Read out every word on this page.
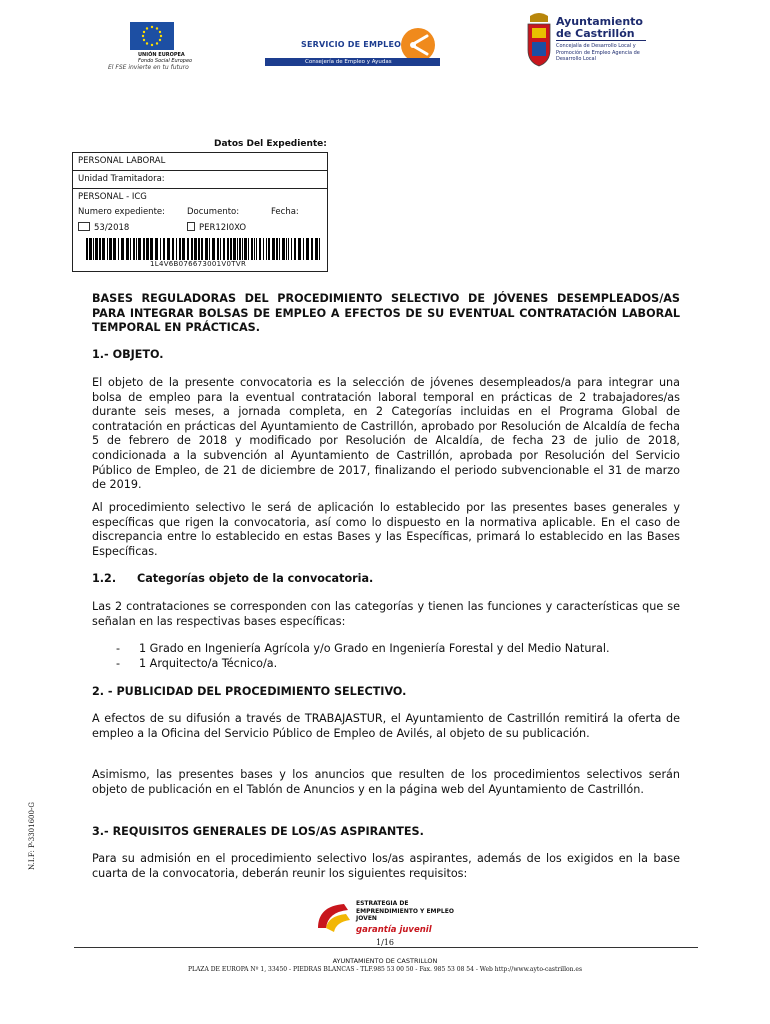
UNIÓN EUROPEA
Fondo Social Europeo
El FSE invierte en tu futuro
SERVICIO DE EMPLEO
Consejería de Empleo y Ayudas
Ayuntamiento
de Castrillón
Concejalía de Desarrollo Local y Promoción de Empleo Agencia de Desarrollo Local
Datos Del Expediente:
PERSONAL LABORAL
Unidad Tramitadora:
PERSONAL - ICG
Numero expediente:	Documento:	Fecha:
53/2018	PER12I0XO
1L4V6B076673001V0TVR
BASES REGULADORAS DEL PROCEDIMIENTO SELECTIVO DE JÓVENES DESEMPLEADOS/AS PARA INTEGRAR BOLSAS DE EMPLEO A EFECTOS DE SU EVENTUAL CONTRATACIÓN LABORAL TEMPORAL EN PRÁCTICAS.
1.- OBJETO.
El objeto de la presente convocatoria es la selección de jóvenes desempleados/a para integrar una bolsa de empleo para la eventual contratación laboral temporal en prácticas de 2 trabajadores/as durante seis meses, a jornada completa, en 2 Categorías incluidas en el Programa Global de contratación en prácticas del Ayuntamiento de Castrillón, aprobado por Resolución de Alcaldía de fecha 5 de febrero de 2018 y modificado por Resolución de Alcaldía, de fecha 23 de julio de 2018, condicionada a la subvención al Ayuntamiento de Castrillón, aprobada por Resolución del Servicio Público de Empleo, de 21 de diciembre de 2017, finalizando el periodo subvencionable el 31 de marzo de 2019.
Al procedimiento selectivo le será de aplicación lo establecido por las presentes bases generales y específicas que rigen la convocatoria, así como lo dispuesto en la normativa aplicable. En el caso de discrepancia entre lo establecido en estas Bases y las Específicas, primará lo establecido en las Bases Específicas.
1.2. Categorías objeto de la convocatoria.
Las 2 contrataciones se corresponden con las categorías y tienen las funciones y características que se señalan en las respectivas bases específicas:
- 1 Grado en Ingeniería Agrícola y/o Grado en Ingeniería Forestal y del Medio Natural.
- 1 Arquitecto/a Técnico/a.
2. - PUBLICIDAD DEL PROCEDIMIENTO SELECTIVO.
A efectos de su difusión a través de TRABAJASTUR, el Ayuntamiento de Castrillón remitirá la oferta de empleo a la Oficina del Servicio Público de Empleo de Avilés, al objeto de su publicación.
Asimismo, las presentes bases y los anuncios que resulten de los procedimientos selectivos serán objeto de publicación en el Tablón de Anuncios y en la página web del Ayuntamiento de Castrillón.
3.- REQUISITOS GENERALES DE LOS/AS ASPIRANTES.
Para su admisión en el procedimiento selectivo los/as aspirantes, además de los exigidos en la base cuarta de la convocatoria, deberán reunir los siguientes requisitos:
N.I.F: P-3301600-G
ESTRATEGIA DE EMPRENDIMIENTO Y EMPLEO JOVEN
garantía juvenil
1/16
AYUNTAMIENTO DE CASTRILLON
PLAZA DE EUROPA Nº 1, 33450 - PIEDRAS BLANCAS - TLF.985 53 00 50 - Fax. 985 53 08 54 - Web http://www.ayto-castrillon.es
